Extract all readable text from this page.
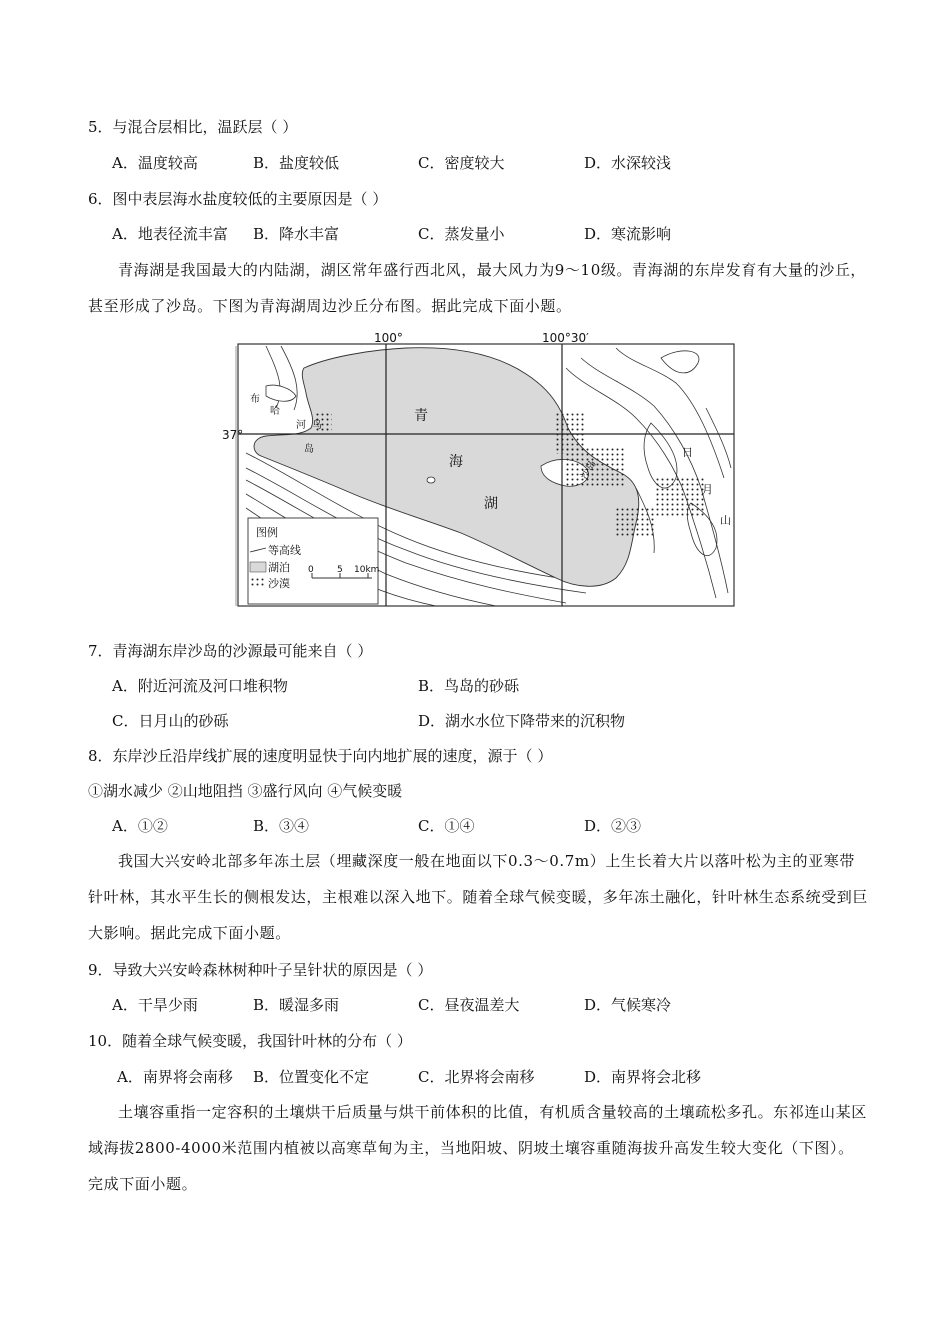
5．与混合层相比，温跃层（ ）
A．温度较高	B．盐度较低	C．密度较大	D．水深较浅
6．图中表层海水盐度较低的主要原因是（ ）
A．地表径流丰富 B．降水丰富	C．蒸发量小	D．寒流影响
青海湖是我国最大的内陆湖，湖区常年盛行西北风，最大风力为9～10级。青海湖的东岸发育有大量的沙丘，甚至形成了沙岛。下图为青海湖周边沙丘分布图。据此完成下面小题。
100°	100°30′
37°
青
海
湖
布
哈
河 鸟
岛
沙岛
日
月
山
图例
等高线
湖泊
沙漠
0	5 10km
7．青海湖东岸沙岛的沙源最可能来自（ ）
A．附近河流及河口堆积物	B．鸟岛的砂砾
C．日月山的砂砾	D．湖水水位下降带来的沉积物
8．东岸沙丘沿岸线扩展的速度明显快于向内地扩展的速度，源于（ ）
①湖水减少 ②山地阻挡 ③盛行风向 ④气候变暖
A．①②	B．③④	C．①④	D．②③
我国大兴安岭北部多年冻土层（埋藏深度一般在地面以下0.3～0.7m）上生长着大片以落叶松为主的亚寒带针叶林，其水平生长的侧根发达，主根难以深入地下。随着全球气候变暖，多年冻土融化，针叶林生态系统受到巨大影响。据此完成下面小题。
9．导致大兴安岭森林树种叶子呈针状的原因是（ ）
A．干旱少雨	B．暖湿多雨	C．昼夜温差大	D．气候寒冷
10．随着全球气候变暖，我国针叶林的分布（ ）
A．南界将会南移 B．位置变化不定	C．北界将会南移	D．南界将会北移
土壤容重指一定容积的土壤烘干后质量与烘干前体积的比值，有机质含量较高的土壤疏松多孔。东祁连山某区域海拔2800-4000米范围内植被以高寒草甸为主，当地阳坡、阴坡土壤容重随海拔升高发生较大变化（下图）。完成下面小题。
